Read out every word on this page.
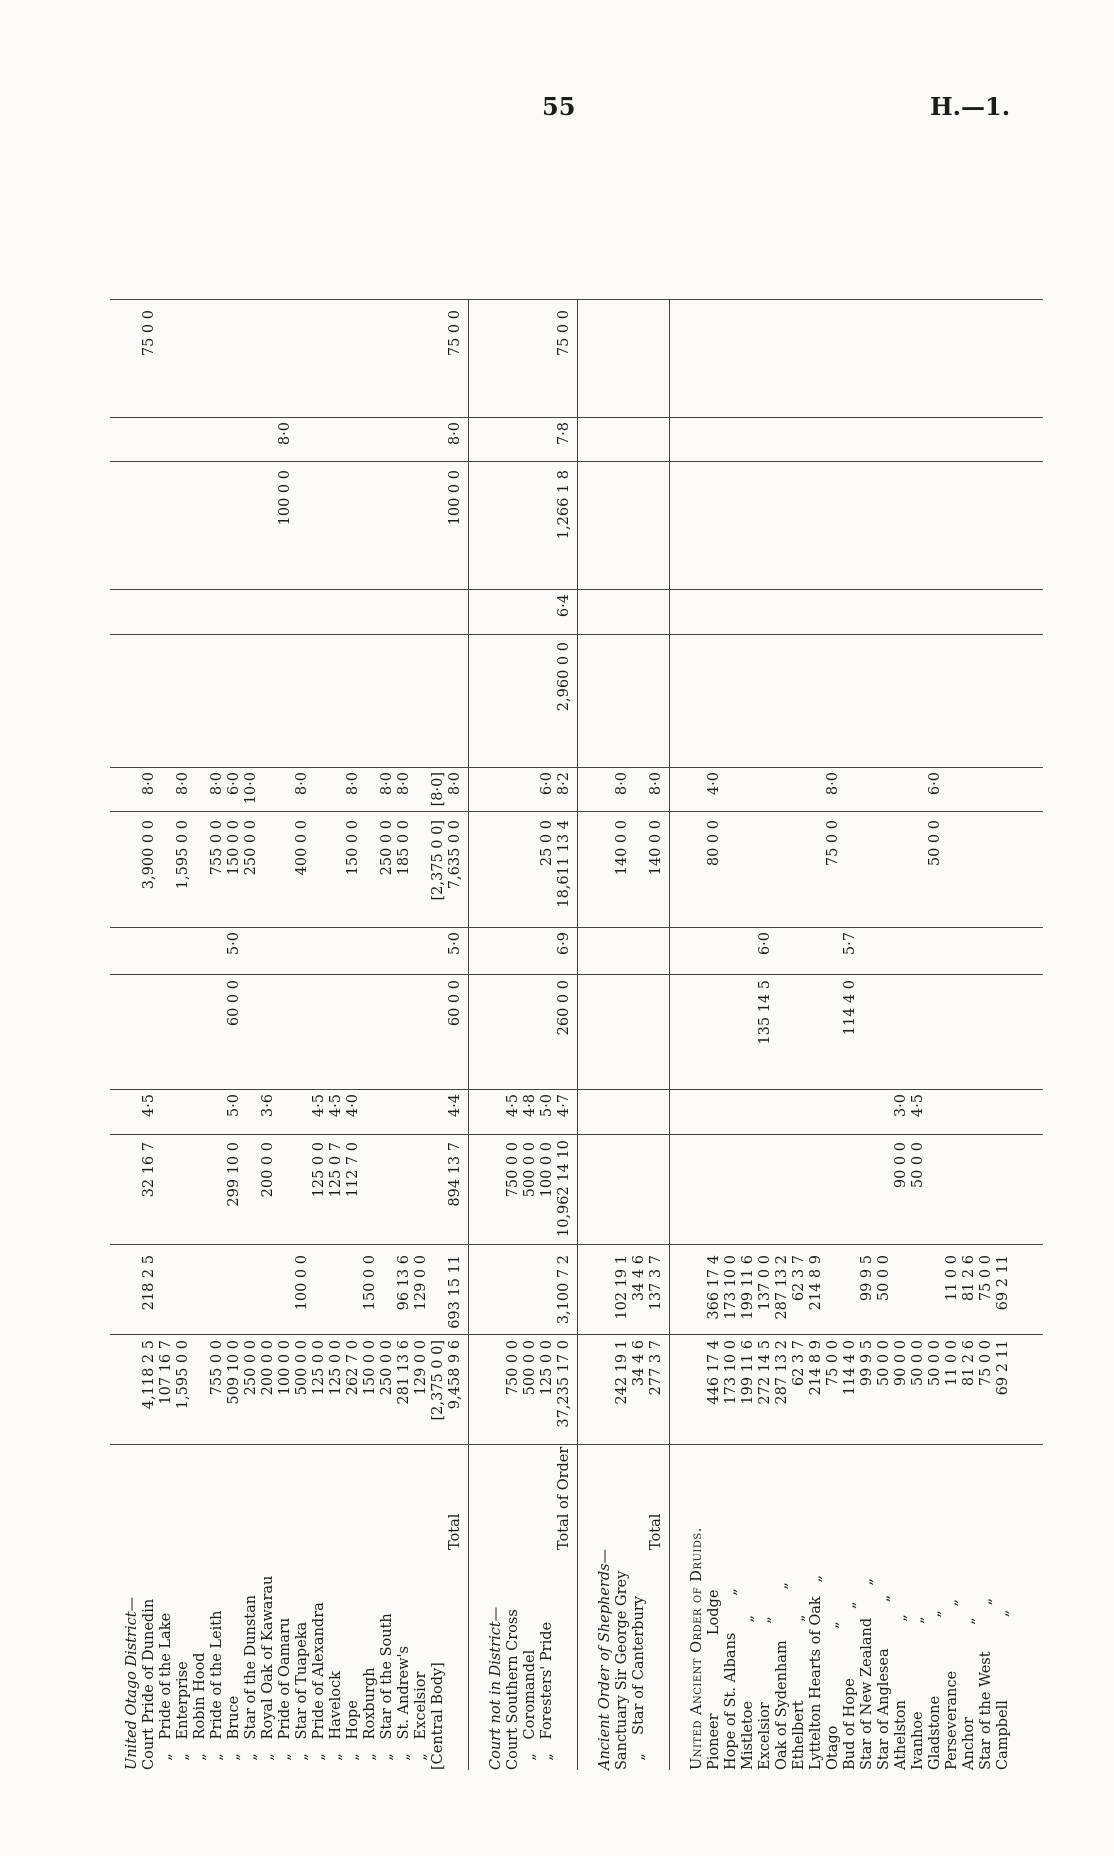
55	H.—1.
United Otago District— Court Pride of Dunedin
4,118 2 5
218 2 5
32 16 7
4·5
3,900 0 0
8·0
75 0 0
„   Pride of the Lake
107 16 7
„   Enterprise
1,595 0 0
1,595 0 0
8·0
„   Robin Hood „   Pride of the Leith
755 0 0
755 0 0
8·0
„   Bruce
509 10 0
299 10 0
5·0
60 0 0
5·0
150 0 0
6·0
„   Star of the Dunstan
250 0 0
250 0 0
10·0
„   Royal Oak of Kawarau
200 0 0
200 0 0
3·6
„   Pride of Oamaru
100 0 0
100 0 0
8·0
„   Star of Tuapeka
500 0 0
100 0 0
400 0 0
8·0
„   Pride of Alexandra
125 0 0
125 0 0
4·5
„   Havelock
125 0 0
125 0 7
4·5
„   Hope
262 7 0
112 7 0
4·0
150 0 0
8·0
„   Roxburgh
150 0 0
150 0 0
„   Star of the South
250 0 0
250 0 0
8·0
„   St. Andrew's
281 13 6
96 13 6
185 0 0
8·0
„   Excelsior
129 0 0
129 0 0
[Central Body]
[2,375 0 0]
[2,375 0 0]
[8·0]
Total
9,458 9 6
693 15 11
894 13 7
4·4
60 0 0
5·0
7,635 0 0
8·0
100 0 0
8·0
75 0 0
Court not in District— Court Southern Cross
750 0 0
750 0 0
4·5
„   Coromandel
500 0 0
500 0 0
4·8
„   Foresters' Pride
125 0 0
100 0 0
5·0
25 0 0
6·0
Total of Order
37,235 17 0
3,100 7 2
10,962 14 10
4·7
260 0 0
6·9
18,611 13 4
8·2
2,960 0 0
6·4
1,266 1 8
7·8
75 0 0
Ancient Order of Shepherds— Sanctuary Sir George Grey
242 19 1
102 19 1
140 0 0
8·0
„    Star of Canterbury
34 4 6
34 4 6
Total
277 3 7
137 3 7
140 0 0
8·0
United Ancient Order of Druids. Pioneer                 Lodge
446 17 4
366 17 4
80 0 0
4·0
Hope of St. Albans        „
173 10 0
173 10 0
Mistletoe                 „
199 11 6
199 11 6
Excelsior                 „
272 14 5
137 0 0
135 14 5
6·0
Oak of Sydenham           „
287 13 2
287 13 2
Ethelbert                 „
62 3 7
62 3 7
Lyttelton Hearts of Oak   „
214 8 9
214 8 9
Otago                     „
75 0 0
75 0 0
8·0
Bud of Hope               „
114 4 0
114 4 0
5·7
Star of New Zealand       „
99 9 5
99 9 5
Star of Anglesea          „
50 0 0
50 0 0
Athelston                 „
90 0 0
90 0 0
3·0
Ivanhoe                   „
50 0 0
50 0 0
4·5
Gladstone                 „
50 0 0
50 0 0
6·0
Perseverance              „
11 0 0
11 0 0
Anchor                    „
81 2 6
81 2 6
Star of the West          „
75 0 0
75 0 0
Campbell                  „
69 2 11
69 2 11
